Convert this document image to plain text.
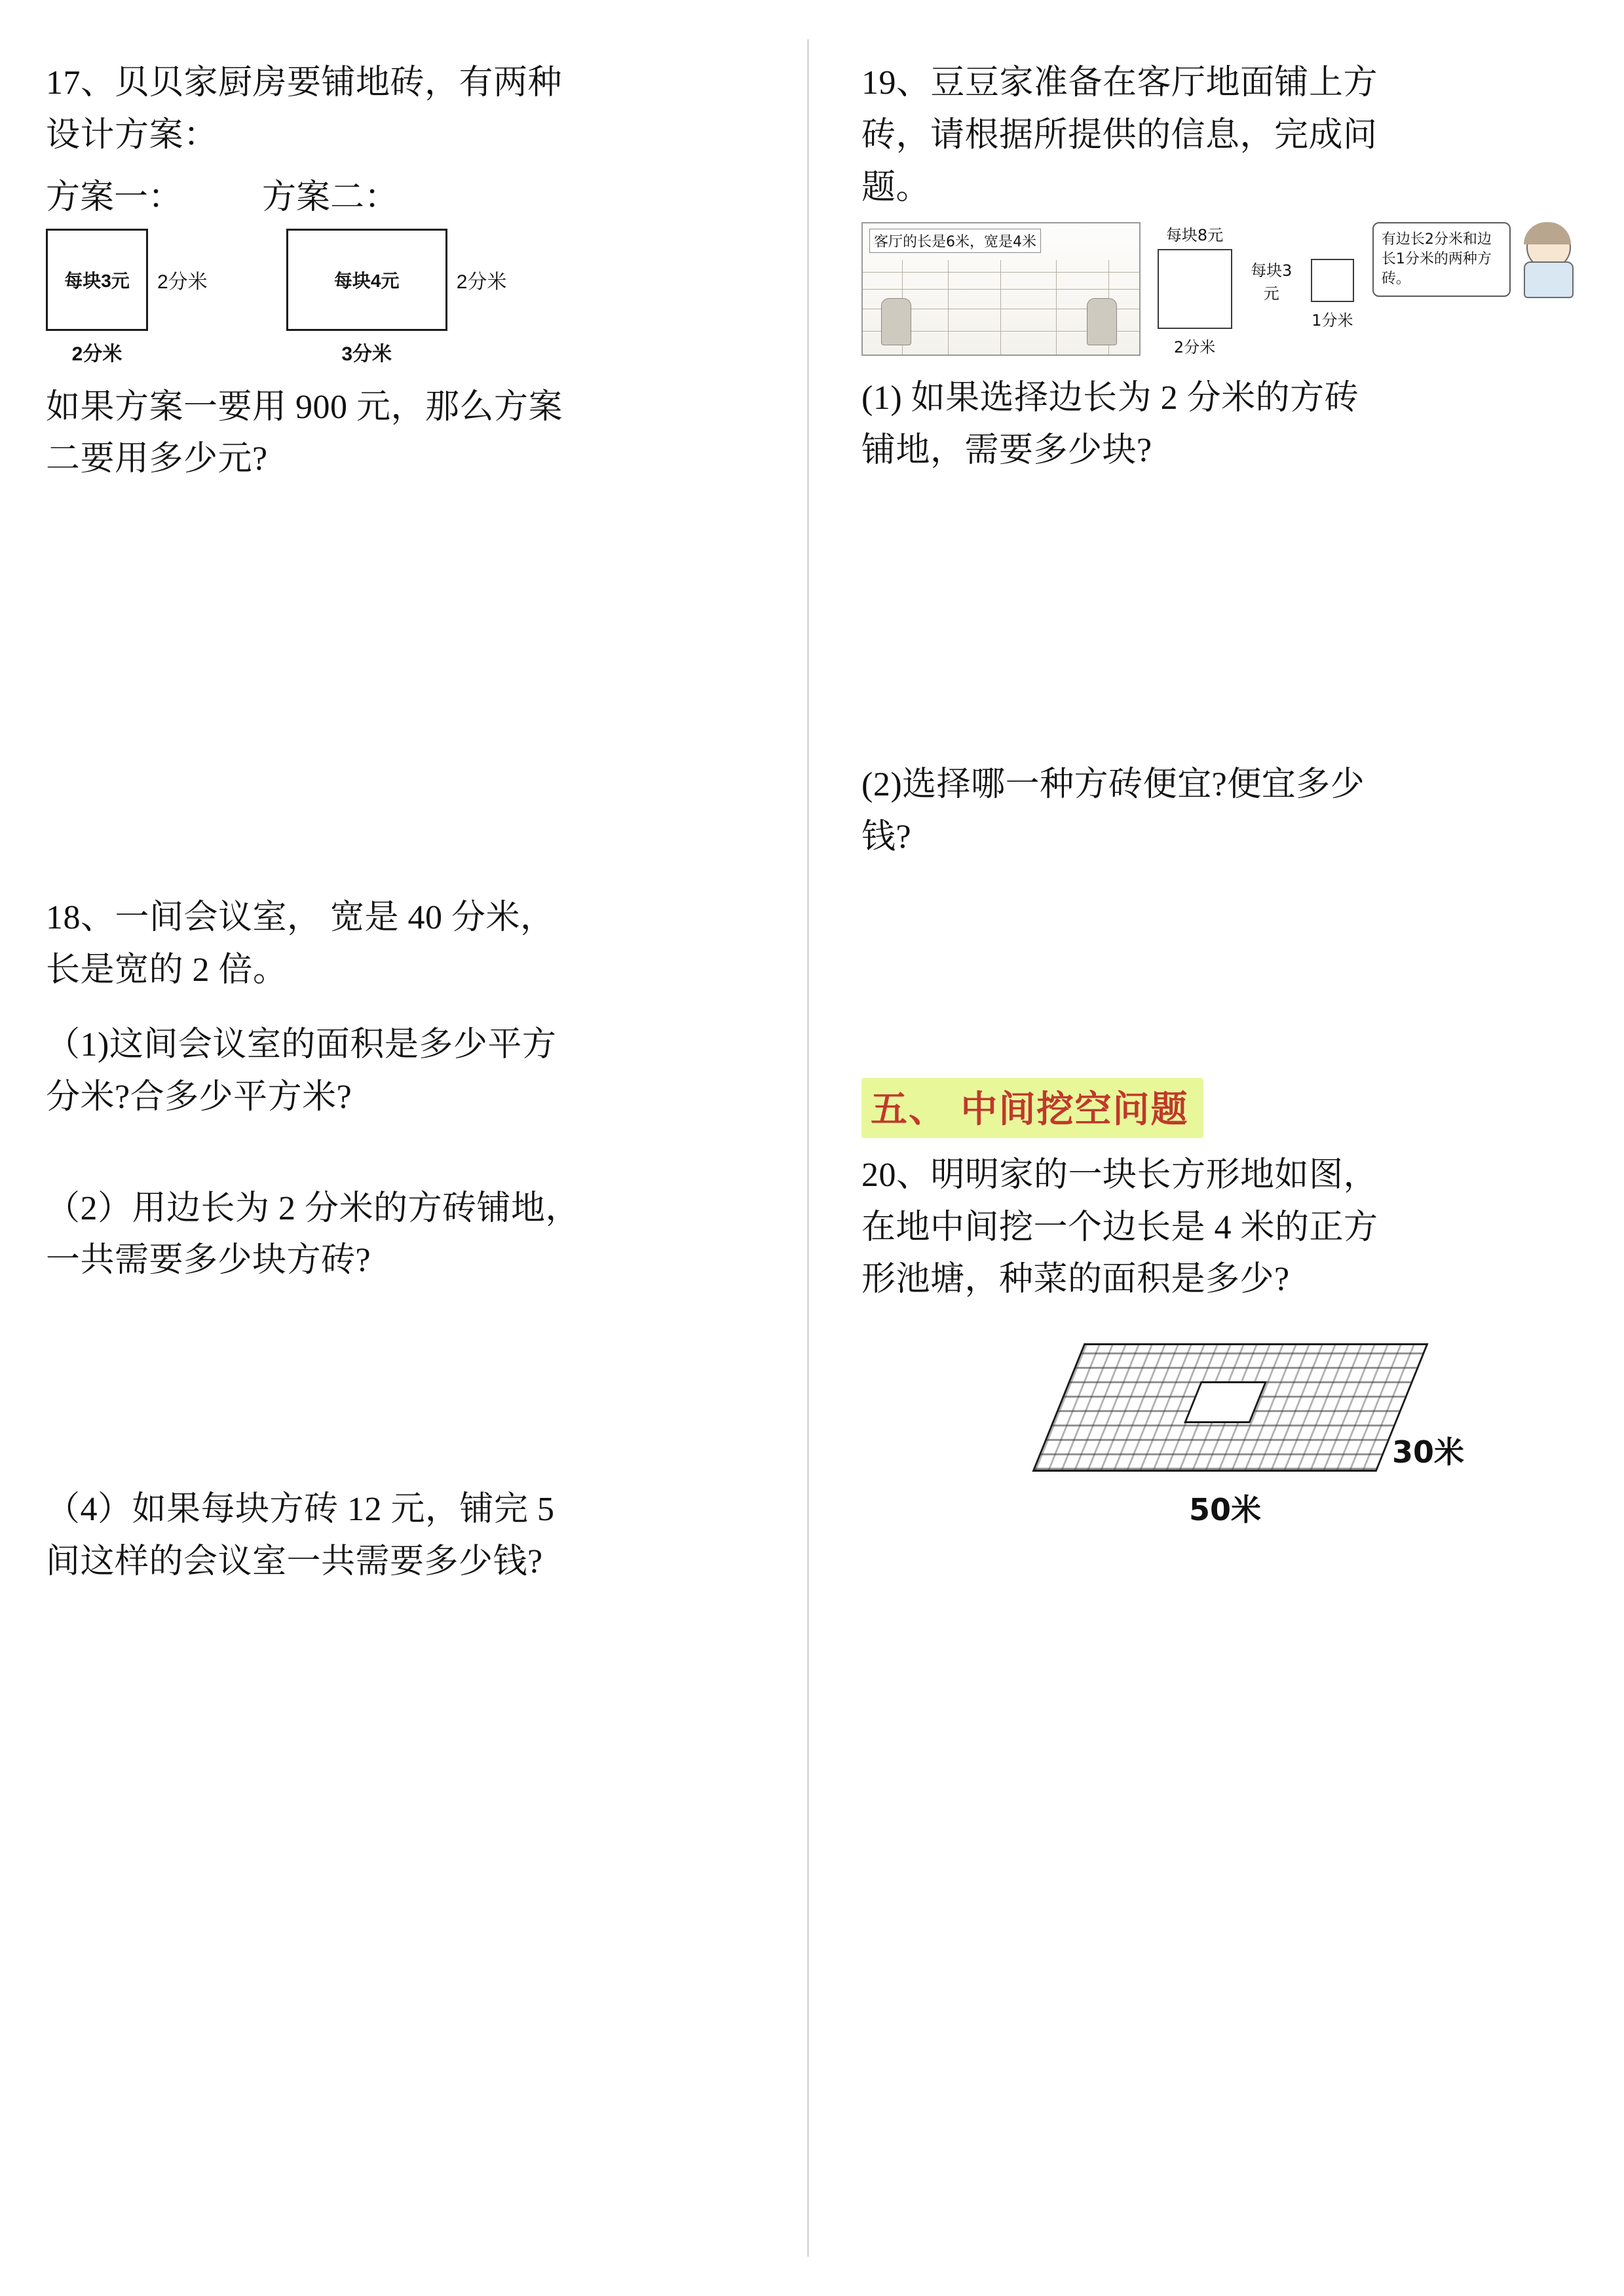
17、贝贝家厨房要铺地砖，有两种

设计方案：

方案一：	方案二：
每块3元	2分米
2分米
每块4元	2分米
3分米

如果方案一要用 900 元，那么方案

二要用多少元?

18、一间会议室， 宽是 40 分米，

长是宽的 2 倍。

（1)这间会议室的面积是多少平方

分米?合多少平方米?

（2）用边长为 2 分米的方砖铺地，

一共需要多少块方砖?

（4）如果每块方砖 12 元，铺完 5

间这样的会议室一共需要多少钱?

19、豆豆家准备在客厅地面铺上方

砖，请根据所提供的信息，完成问

题。

客厅的长是6米，宽是4米	每块8元
2分米
每块3元
1分米
有边长2分米和边长1分米的两种方砖。

(1) 如果选择边长为 2 分米的方砖

铺地，需要多少块?

(2)选择哪一种方砖便宜?便宜多少

钱?

五、 中间挖空问题

20、明明家的一块长方形地如图，

在地中间挖一个边长是 4 米的正方

形池塘，种菜的面积是多少?

30米
50米
